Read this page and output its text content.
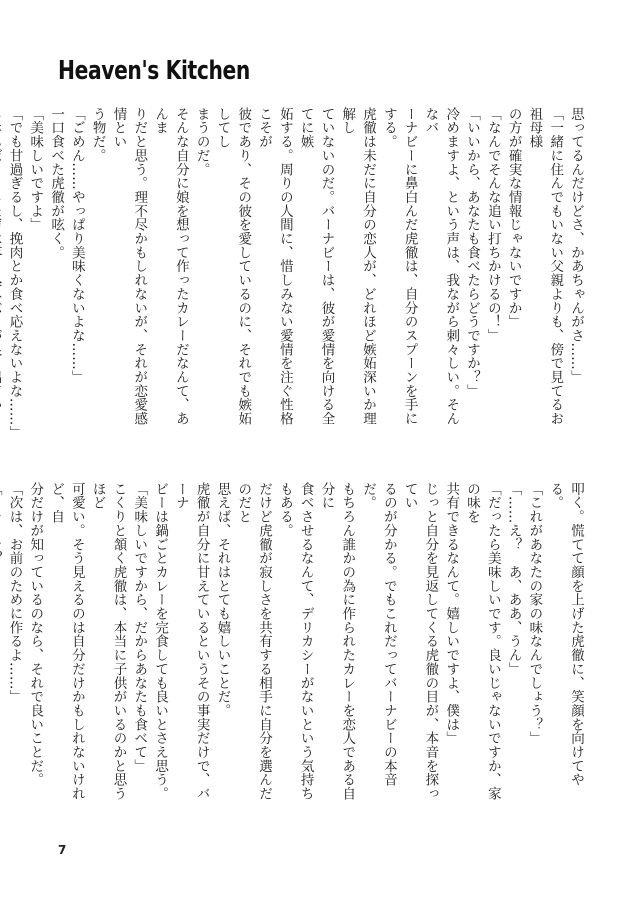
Heaven's Kitchen

思ってるんだけどさ、かあちゃんがさ……」

「一緒に住んでもいない父親よりも、傍で見てるお祖母様

の方が確実な情報じゃないですか」

「なんでそんな追い打ちかけるの！」

「いいから、あなたも食べたらどうですか？」

冷めますよ、という声は、我ながら刺々しい。そんなバ

ーナビーに鼻白んだ虎徹は、自分のスプーンを手にする。

虎徹は未だに自分の恋人が、どれほど嫉妬深いか理解し

ていないのだ。バーナビーは、彼が愛情を向ける全てに嫉

妬する。周りの人間に、惜しみない愛情を注ぐ性格こそが

彼であり、その彼を愛しているのに、それでも嫉妬してし

まうのだ。

そんな自分に娘を想って作ったカレーだなんて、あんま

りだと思う。理不尽かもしれないが、それが恋愛感情とい

う物だ。

「ごめん……やっぱり美味くないよな……」

一口食べた虎徹が呟く。

「美味しいですよ」

「でも甘過ぎるし、挽肉とか食べ応えないよな……」

叩く。慌てて顔を上げた虎徹に、笑顔を向けてやる。

「これがあなたの家の味なんでしょう？」

「……え？　あ、ああ、うん」

「だったら美味しいです。良いじゃないですか、家の味を

共有できるなんて。嬉しいですよ、僕は」

じっと自分を見返してくる虎徹の目が、本音を探ってい

るのが分かる。でもこれだってバーナビーの本音だ。

もちろん誰かの為に作られたカレーを恋人である自分に

食べさせるなんて、デリカシーがないという気持ちもある。

だけど虎徹が寂しさを共有する相手に自分を選んだのだと

思えば、それはとても嬉しいことだ。

虎徹が自分に甘えているというその事実だけで、バーナ

ビーは鍋ごとカレーを完食しても良いとさえ思う。

「美味しいですから、だからあなたも食べて」

こくりと頷く虎徹は、本当に子供がいるのかと思うほど

可愛い。そう見えるのは自分だけかもしれないけれど、自

分だけが知っているのなら、それで良いことだ。

「次は、お前のために作るよ……」

7
